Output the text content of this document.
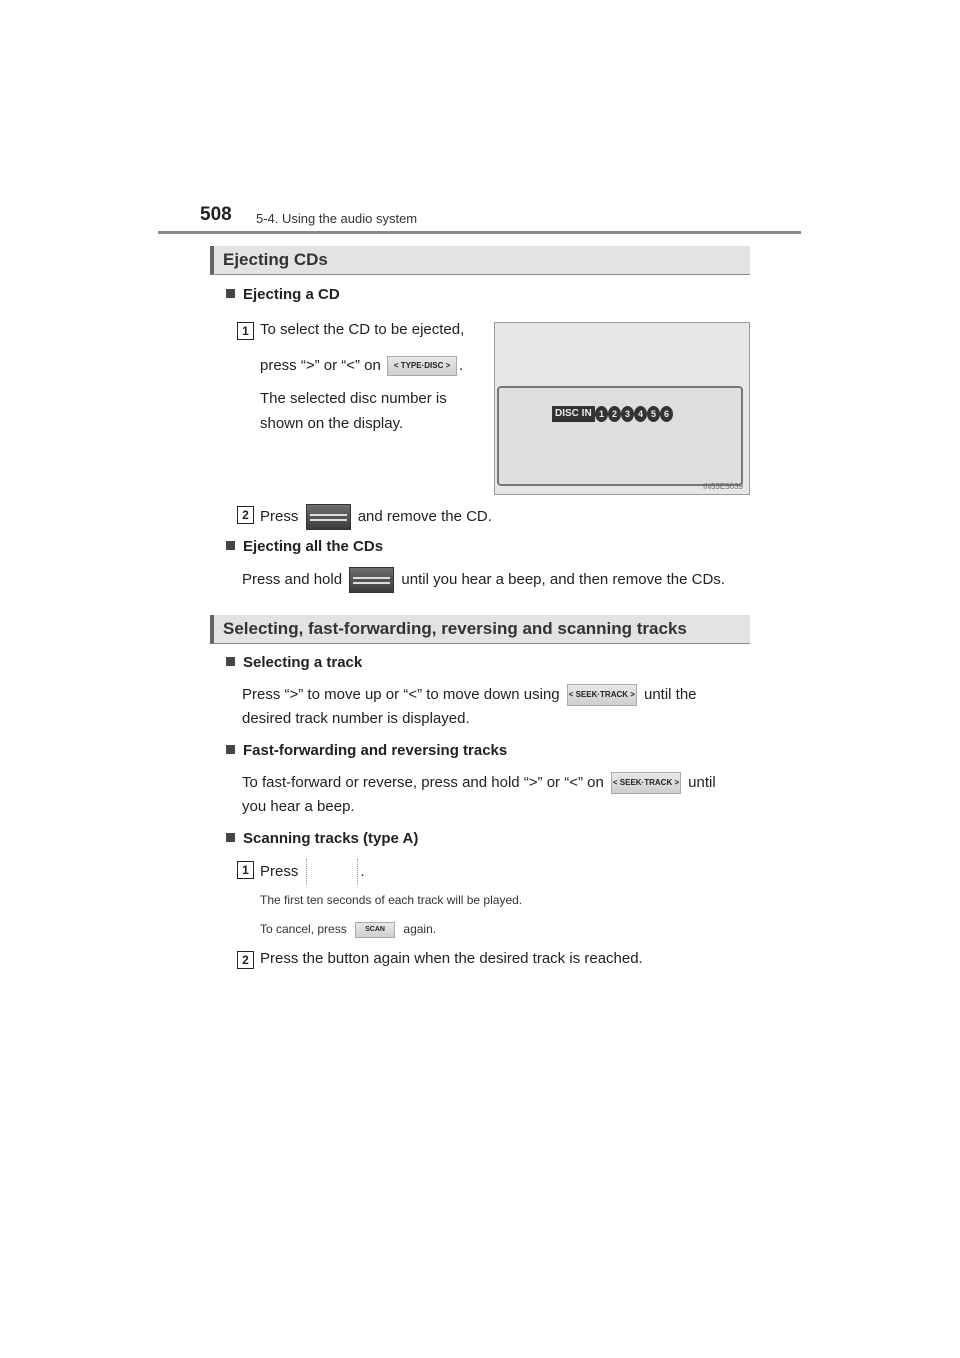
508 5-4. Using the audio system
Ejecting CDs
Ejecting a CD
1 To select the CD to be ejected,
press “>” or “<” on < TYPE·DISC > .
The selected disc number is
shown on the display.
DISC IN 1 2 3 4 5 6
IN53E5039
2 Press	and remove the CD.
Ejecting all the CDs
Press and hold	until you hear a beep, and then remove the CDs.
Selecting, fast-forwarding, reversing and scanning tracks
Selecting a track
Press “>” to move up or “<” to move down using < SEEK·TRACK > until the
desired track number is displayed.
Fast-forwarding and reversing tracks
To fast-forward or reverse, press and hold “>” or “<” on < SEEK·TRACK > until
you hear a beep.
Scanning tracks (type A)
1 Press	.
The first ten seconds of each track will be played.
To cancel, press	SCAN again.
2 Press the button again when the desired track is reached.
